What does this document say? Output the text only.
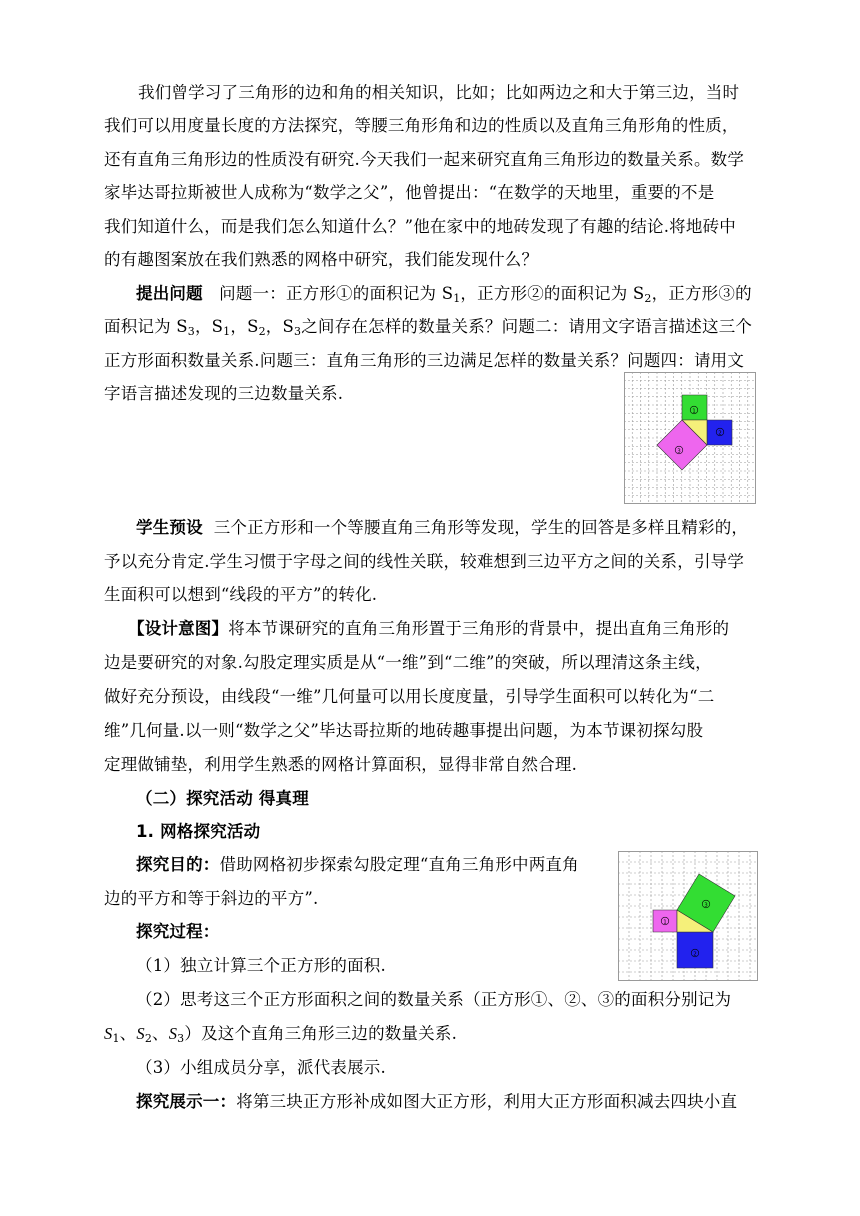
我们曾学习了三角形的边和角的相关知识，比如；比如两边之和大于第三边，当时
我们可以用度量长度的方法探究，等腰三角形角和边的性质以及直角三角形角的性质，
还有直角三角形边的性质没有研究.今天我们一起来研究直角三角形边的数量关系。数学
家毕达哥拉斯被世人成称为“数学之父”，他曾提出：“在数学的天地里，重要的不是
我们知道什么，而是我们怎么知道什么？”他在家中的地砖发现了有趣的结论.将地砖中
的有趣图案放在我们熟悉的网格中研究，我们能发现什么？
提出问题 问题一：正方形①的面积记为 $S_1$，正方形②的面积记为 $S_2$，正方形③的
面积记为 $S_3$，$S_1$，$S_2$，$S_3$之间存在怎样的数量关系？问题二：请用文字语言描述这三个
正方形面积数量关系.问题三：直角三角形的三边满足怎样的数量关系？问题四：请用文
字语言描述发现的三边数量关系.
1
2
3
学生预设 三个正方形和一个等腰直角三角形等发现，学生的回答是多样且精彩的，
予以充分肯定.学生习惯于字母之间的线性关联，较难想到三边平方之间的关系，引导学
生面积可以想到“线段的平方”的转化.
【设计意图】将本节课研究的直角三角形置于三角形的背景中，提出直角三角形的
边是要研究的对象.勾股定理实质是从“一维”到“二维”的突破，所以理清这条主线，
做好充分预设，由线段“一维”几何量可以用长度度量，引导学生面积可以转化为“二
维”几何量.以一则“数学之父”毕达哥拉斯的地砖趣事提出问题，为本节课初探勾股
定理做铺垫，利用学生熟悉的网格计算面积，显得非常自然合理.
（二）探究活动 得真理
1. 网格探究活动
探究目的：借助网格初步探索勾股定理“直角三角形中两直角
边的平方和等于斜边的平方”.
1
2
3
探究过程：
（1）独立计算三个正方形的面积.
（2）思考这三个正方形面积之间的数量关系（正方形①、②、③的面积分别记为
$S_1$、$S_2$、$S_3$）及这个直角三角形三边的数量关系.
（3）小组成员分享，派代表展示.
探究展示一：将第三块正方形补成如图大正方形，利用大正方形面积减去四块小直
